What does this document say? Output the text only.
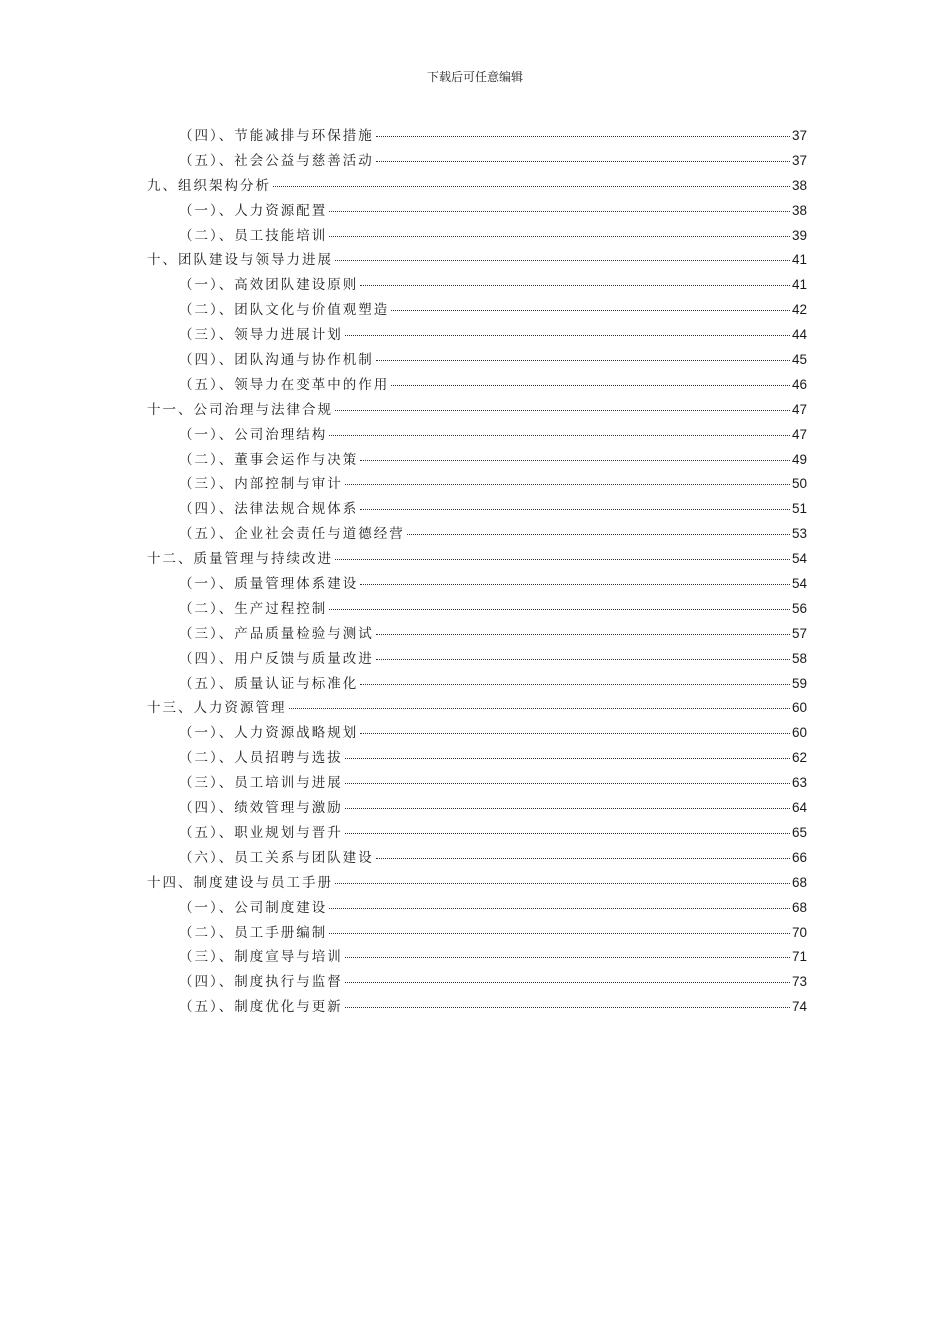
下载后可任意编辑
（四）、节能减排与环保措施	37
（五）、社会公益与慈善活动	37
九、组织架构分析	38
（一）、人力资源配置	38
（二）、员工技能培训	39
十、团队建设与领导力进展	41
（一）、高效团队建设原则	41
（二）、团队文化与价值观塑造	42
（三）、领导力进展计划	44
（四）、团队沟通与协作机制	45
（五）、领导力在变革中的作用	46
十一、公司治理与法律合规	47
（一）、公司治理结构	47
（二）、董事会运作与决策	49
（三）、内部控制与审计	50
（四）、法律法规合规体系	51
（五）、企业社会责任与道德经营	53
十二、质量管理与持续改进	54
（一）、质量管理体系建设	54
（二）、生产过程控制	56
（三）、产品质量检验与测试	57
（四）、用户反馈与质量改进	58
（五）、质量认证与标准化	59
十三、人力资源管理	60
（一）、人力资源战略规划	60
（二）、人员招聘与选拔	62
（三）、员工培训与进展	63
（四）、绩效管理与激励	64
（五）、职业规划与晋升	65
（六）、员工关系与团队建设	66
十四、制度建设与员工手册	68
（一）、公司制度建设	68
（二）、员工手册编制	70
（三）、制度宣导与培训	71
（四）、制度执行与监督	73
（五）、制度优化与更新	74
